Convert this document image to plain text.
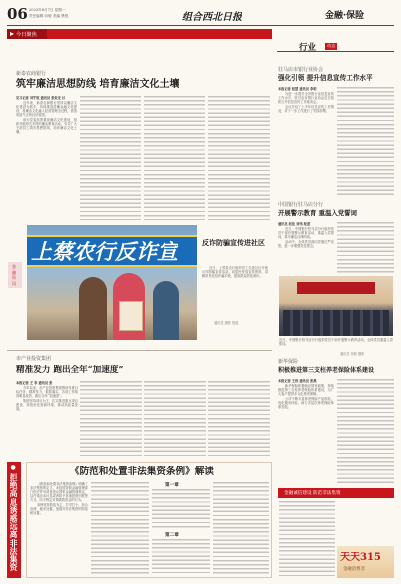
06 2023年8月7日 星期一
责任编辑 向敏 美编 樊悦	组合西北日报	金融·保险
今日聚焦
新泰农商银行
筑牢廉洁思想防线 培育廉洁文化土壤

见习记者 刘宇恒 通讯员 张炎龙 吕

近年来，新泰农商银行坚持以廉洁文化建设为抓手，持续推进清廉金融文化建设，将廉洁文化融入经营管理全过程，营造风清气正的良好氛围。

该行党委高度重视廉洁文化建设，组织开展形式多样的廉洁教育活动，引导广大干部员工筑牢思想防线，培育廉洁文化土壤。

上蔡农行反诈宣	反诈防骗宣传进社区

近日，上蔡县农行组织员工走进社区开展反诈防骗宣传活动，向居民发放宣传资料，讲解常见电信诈骗手段，提高群众防范意识。

通讯员 摄影 报道
金融资讯
行业	动态
驻马店市银行业协会
强化引领 提升信息宣传工作水平

本报记者 赵慧 通讯员 李明

为进一步提升全市银行业信息宣传工作水平，驻马店市银行业协会近日组织召开信息宣传工作座谈会。

会议总结了上半年信息宣传工作情况，对下一步工作进行了安排部署。

中国银行驻马店分行
开展警示教育 重温入党誓词

通讯员 赵佳 刘伟 报道

近日，中国银行驻马店分行组织党员干部开展警示教育活动，重温入党誓词，筑牢廉洁自律防线。

活动中，全体党员面向党旗庄严宣誓，进一步增强党性观念。

近日，中国银行驻马店分行组织党员干部开展警示教育活动，全体党员重温入党誓词。

通讯员 刘莉 摄影
新华保险
积极推进第三支柱养老保险体系建设

本报记者 王伟 通讯员 张燕

新华保险积极响应国家政策，持续推进第三支柱养老保险体系建设，为广大客户提供多元化养老保障。

公司不断丰富养老保险产品供给，优化服务体验，助力多层次养老保险体系发展。

市产业投资集团
精准发力 跑出全年“加速度”

本报记者 王 李 通讯员 张

今年以来，市产业投资集团围绕年度目标任务，精准发力，狠抓落实，各项工作取得明显成效，跑出全年“加速度”。

集团坚持项目为王，扎实推进重点项目建设，持续优化营商环境，推动高质量发展。

●
拒绝高息诱惑 远离非法集资
《防范和处置非法集资条例》解读

《防范和处置非法集资条例》明确了非法集资的定义，未经国务院金融管理部门依法许可或者违反国家金融管理规定，以许诺还本付息或者给予其他投资回报等方式，向不特定对象吸收资金的行为。

条例坚持防范为主、打早打小，综合治理、稳妥处置，加强对非法集资的防范和处置。

第一章
第二章
金融诚信建设 防范非法集资
天天315
金融消费者
